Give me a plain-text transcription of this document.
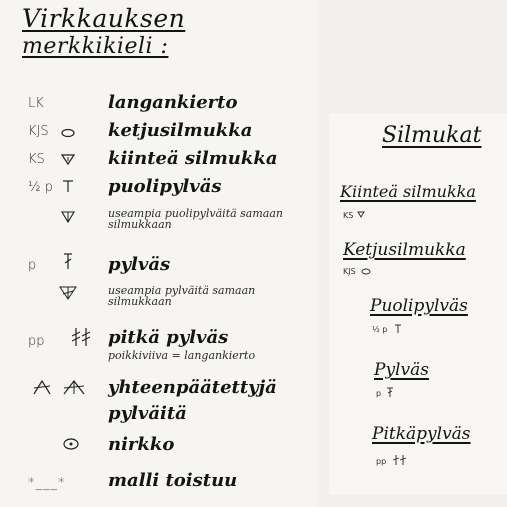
Virkkauksen
merkkikieli :
LK	langankierto
KJS	ketjusilmukka
KS	kiinteä silmukka
½ p	puolipylväs
useampia puolipylväitä samaan silmukkaan
p	pylväs
useampia pylväitä samaan silmukkaan
pp	pitkä pylväs
poikkiviiva = langankierto
yhteenpäätettyjä pylväitä
nirkko
*___* malli toistuu
Silmukat
Kiinteä silmukka
KS
Ketjusilmukka
KJS
Puolipylväs
½ p
Pylväs
p
Pitkäpylväs
pp
